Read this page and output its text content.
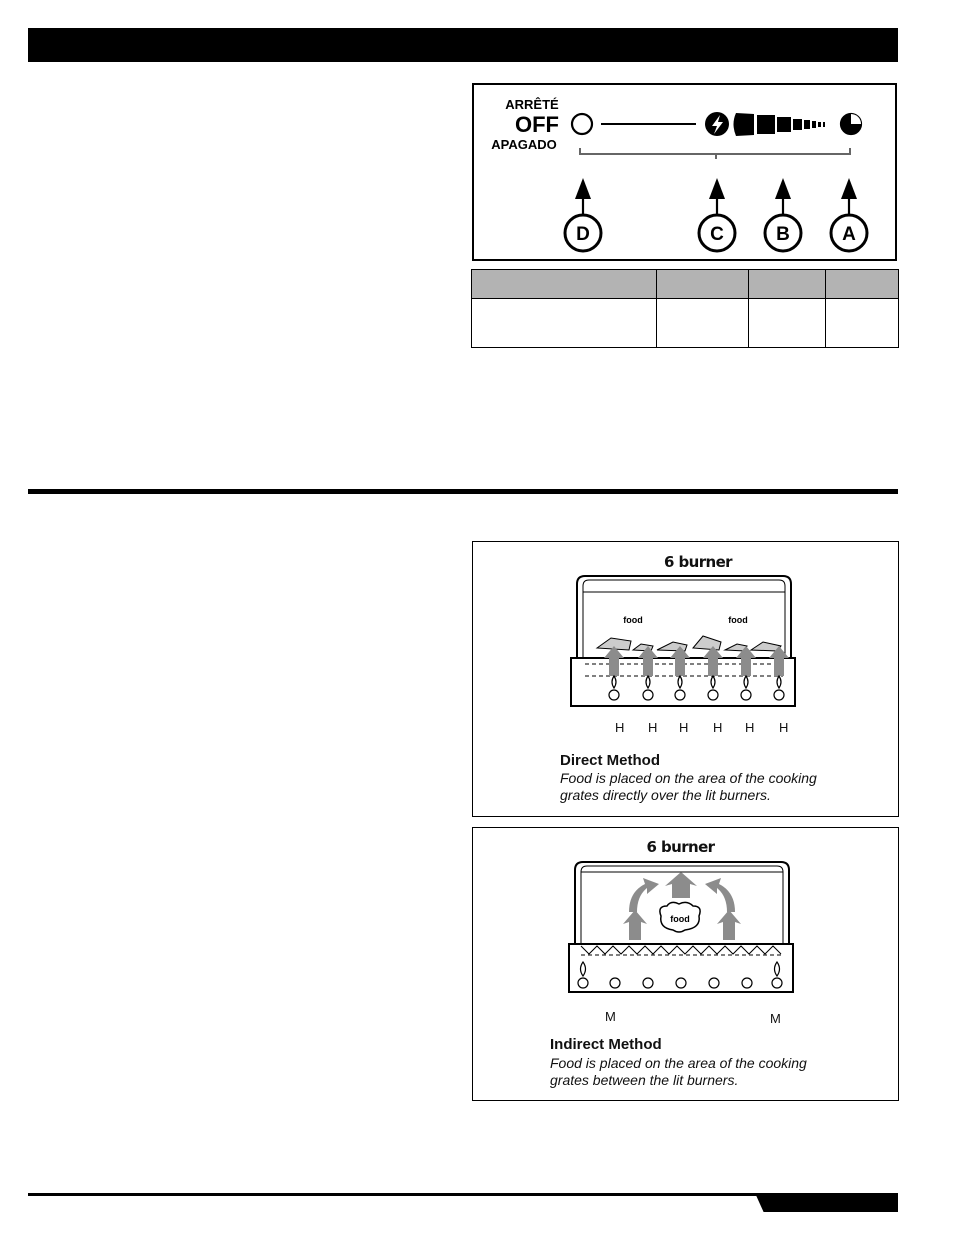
ARRÊTÉ
OFF
APAGADO
D	C	B	A

6 burner
food	food
H H H H H H
Direct Method
Food is placed on the area of the cooking
grates directly over the lit burners.
6 burner
food
M	M
Indirect Method
Food is placed on the area of the cooking
grates between the lit burners.
